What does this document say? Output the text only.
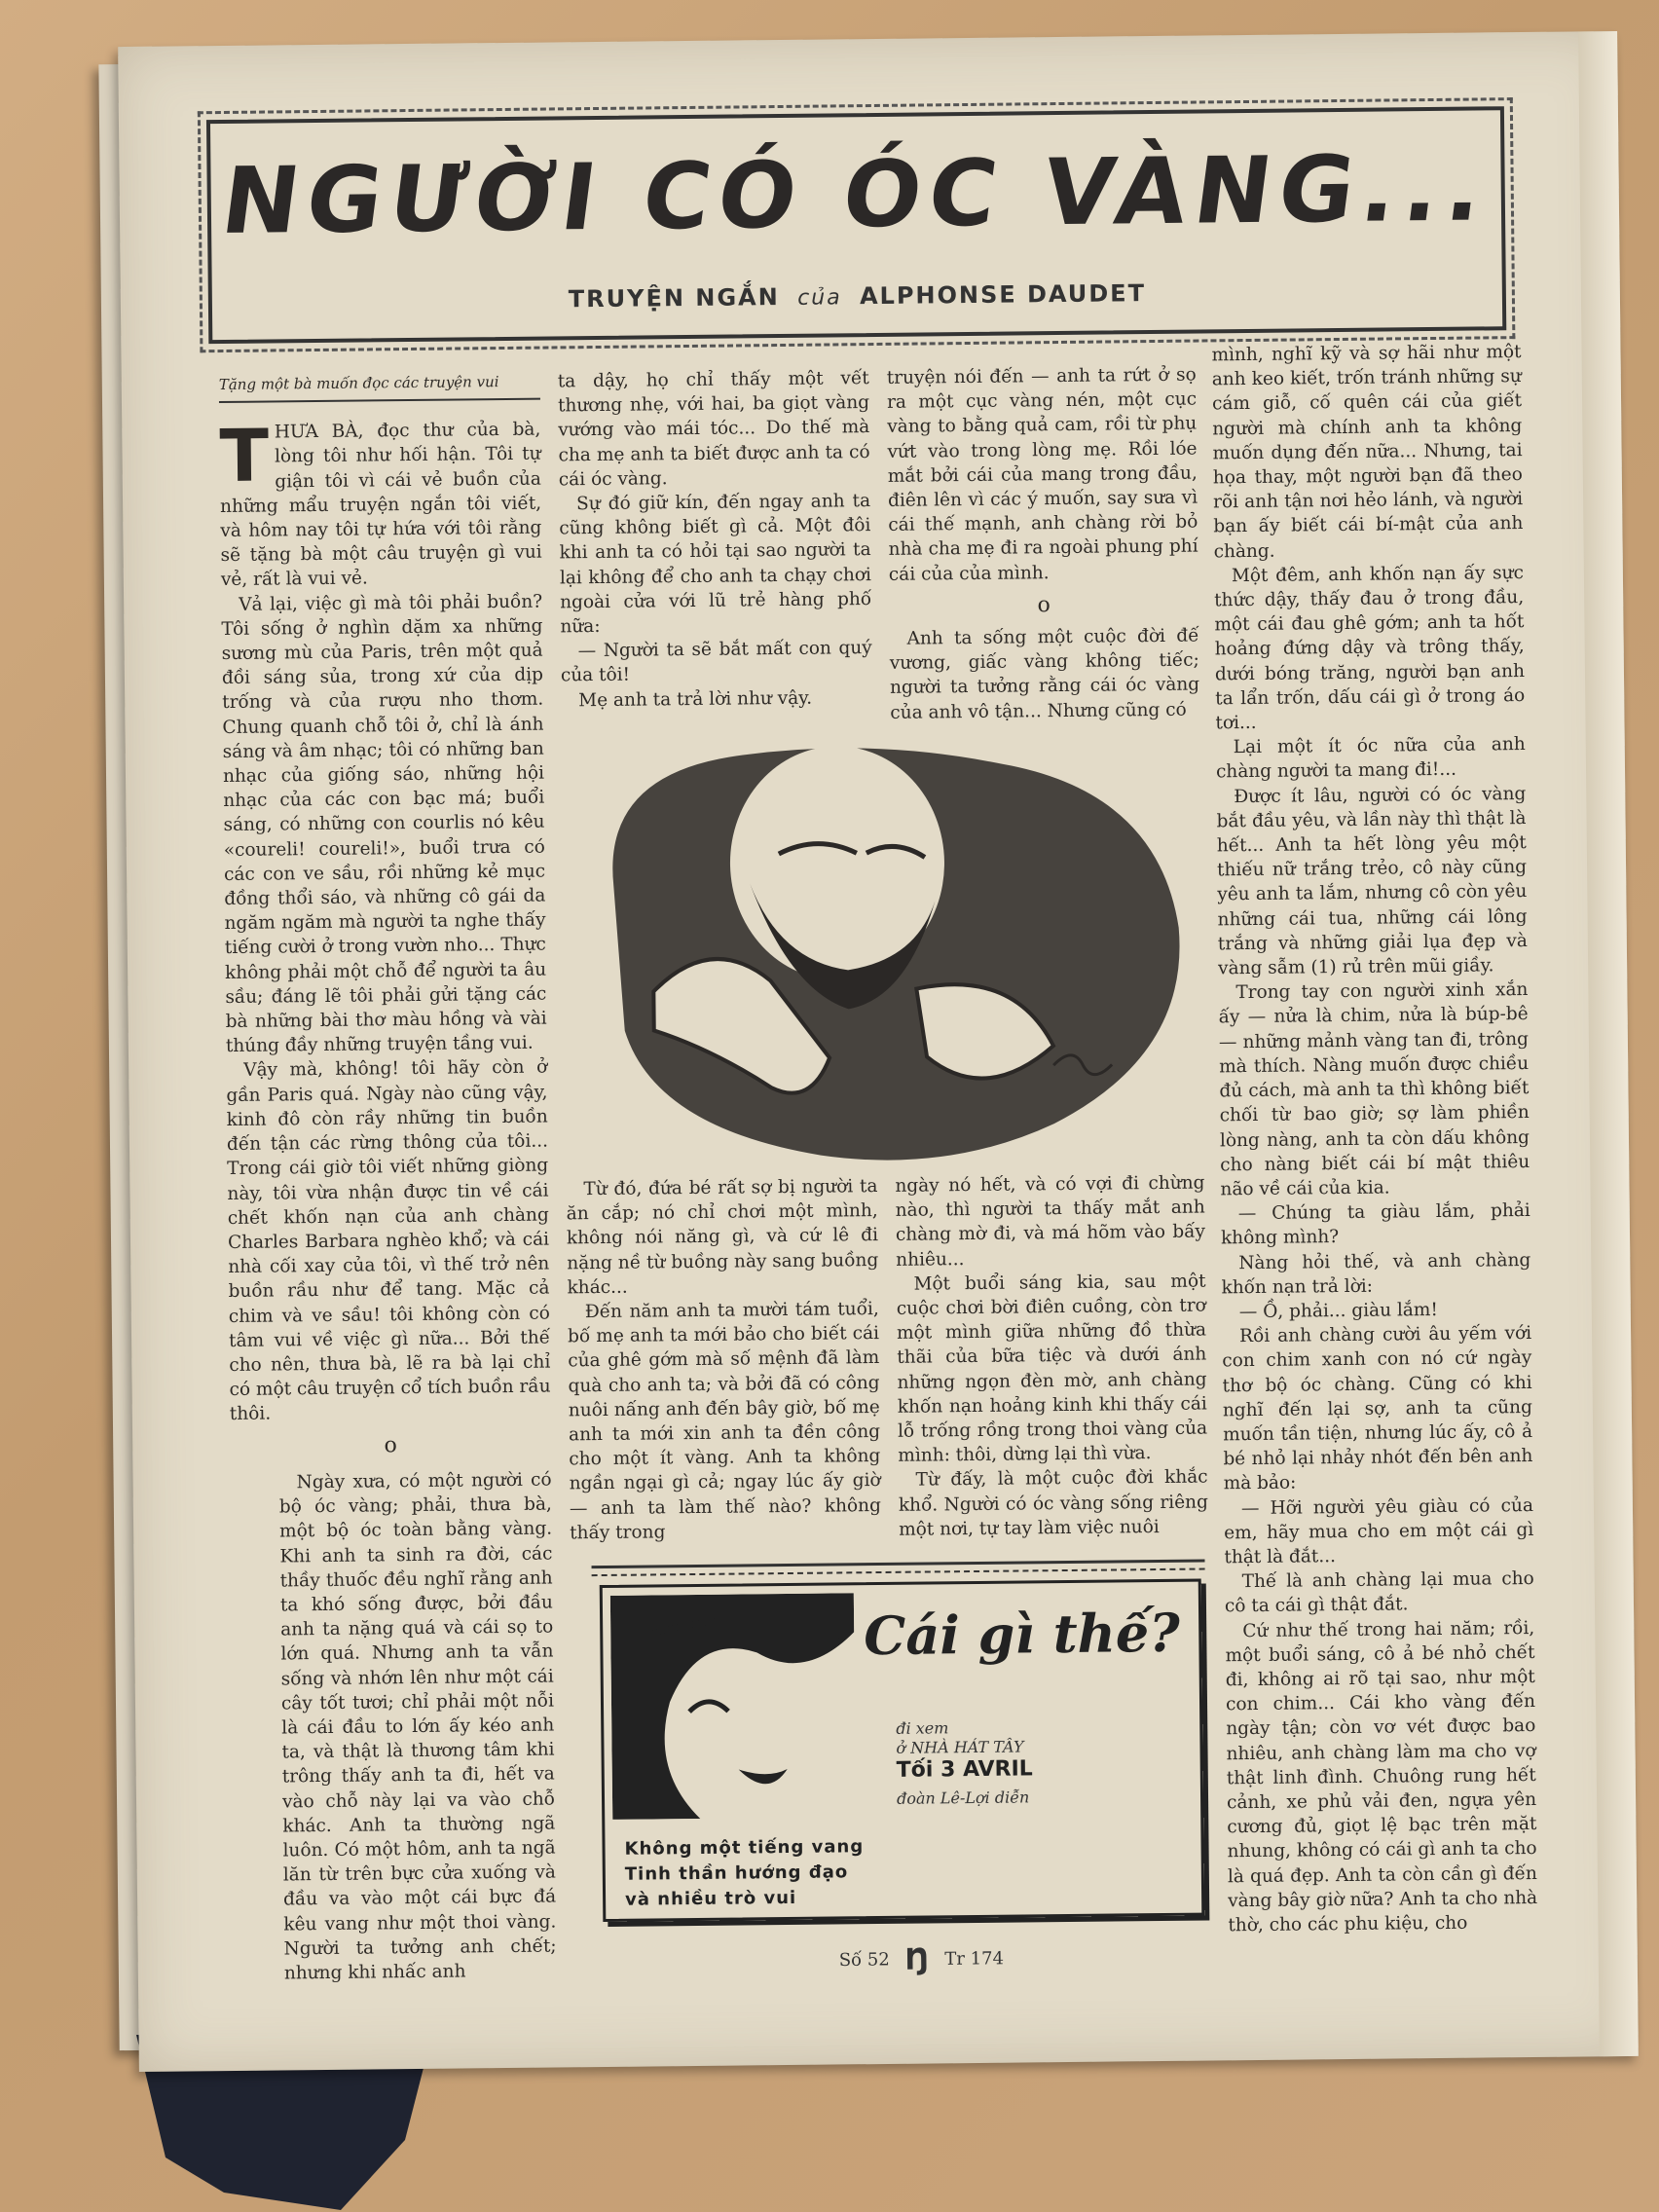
NGƯỜI CÓ ÓC VÀNG...
TRUYỆN NGẮN của ALPHONSE DAUDET
Tặng một bà muốn đọc các truyện vui
T HƯA BÀ, đọc thư của bà, lòng tôi như hối hận. Tôi tự giận tôi vì cái vẻ buồn của những mẩu truyện ngắn tôi viết, và hôm nay tôi tự hứa với tôi rằng sẽ tặng bà một câu truyện gì vui vẻ, rất là vui vẻ.

Vả lại, việc gì mà tôi phải buồn? Tôi sống ở nghìn dặm xa những sương mù của Paris, trên một quả đồi sáng sủa, trong xứ của dịp trống và của rượu nho thơm. Chung quanh chỗ tôi ở, chỉ là ánh sáng và âm nhạc; tôi có những ban nhạc của giống sáo, những hội nhạc của các con bạc má; buổi sáng, có những con courlis nó kêu «coureli! coureli!», buổi trưa có các con ve sầu, rồi những kẻ mục đồng thổi sáo, và những cô gái da ngăm ngăm mà người ta nghe thấy tiếng cười ở trong vườn nho... Thực không phải một chỗ để người ta âu sầu; đáng lẽ tôi phải gửi tặng các bà những bài thơ màu hồng và vài thúng đầy những truyện tầng vui.

Vậy mà, không! tôi hãy còn ở gần Paris quá. Ngày nào cũng vậy, kinh đô còn rầy những tin buồn đến tận các rừng thông của tôi... Trong cái giờ tôi viết những giòng này, tôi vừa nhận được tin về cái chết khốn nạn của anh chàng Charles Barbara nghèo khổ; và cái nhà cối xay của tôi, vì thế trở nên buồn rầu như để tang. Mặc cả chim và ve sầu! tôi không còn có tâm vui về việc gì nữa... Bởi thế cho nên, thưa bà, lẽ ra bà lại chỉ có một câu truyện cổ tích buồn rầu thôi.

o

Ngày xưa, có một người có bộ óc vàng; phải, thưa bà, một bộ óc toàn bằng vàng. Khi anh ta sinh ra đời, các thầy thuốc đều nghĩ rằng anh ta khó sống được, bởi đầu anh ta nặng quá và cái sọ to lớn quá. Nhưng anh ta vẫn sống và nhớn lên như một cái cây tốt tươi; chỉ phải một nỗi là cái đầu to lớn ấy kéo anh ta, và thật là thương tâm khi trông thấy anh ta đi, hết va vào chỗ này lại va vào chỗ khác. Anh ta thường ngã luôn. Có một hôm, anh ta ngã lăn từ trên bực cửa xuống và đầu va vào một cái bực đá kêu vang như một thoi vàng. Người ta tưởng anh chết; nhưng khi nhấc anh

ta dậy, họ chỉ thấy một vết thương nhẹ, với hai, ba giọt vàng vướng vào mái tóc... Do thế mà cha mẹ anh ta biết được anh ta có cái óc vàng.

Sự đó giữ kín, đến ngay anh ta cũng không biết gì cả. Một đôi khi anh ta có hỏi tại sao người ta lại không để cho anh ta chạy chơi ngoài cửa với lũ trẻ hàng phố nữa:

— Người ta sẽ bắt mất con quý của tôi!

Mẹ anh ta trả lời như vậy.

truyện nói đến — anh ta rứt ở sọ ra một cục vàng nén, một cục vàng to bằng quả cam, rồi từ phụ vứt vào trong lòng mẹ. Rồi lóe mắt bởi cái của mang trong đầu, điên lên vì các ý muốn, say sưa vì cái thế mạnh, anh chàng rời bỏ nhà cha mẹ đi ra ngoài phung phí cái của của mình.

o

Anh ta sống một cuộc đời đế vương, giấc vàng không tiếc; người ta tưởng rằng cái óc vàng của anh vô tận... Nhưng cũng có

mình, nghĩ kỹ và sợ hãi như một anh keo kiết, trốn tránh những sự cám giỗ, cố quên cái của giết người mà chính anh ta không muốn dụng đến nữa... Nhưng, tai họa thay, một người bạn đã theo rõi anh tận nơi hẻo lánh, và người bạn ấy biết cái bí-mật của anh chàng.

Một đêm, anh khốn nạn ấy sực thức dậy, thấy đau ở trong đầu, một cái đau ghê gớm; anh ta hốt hoảng đứng dậy và trông thấy, dưới bóng trăng, người bạn anh ta lẩn trốn, dấu cái gì ở trong áo tơi...

Lại một ít óc nữa của anh chàng người ta mang đi!...

Được ít lâu, người có óc vàng bắt đầu yêu, và lần này thì thật là hết... Anh ta hết lòng yêu một thiếu nữ trắng trẻo, cô này cũng yêu anh ta lắm, nhưng cô còn yêu những cái tua, những cái lông trắng và những giải lụa đẹp và vàng sẫm (1) rủ trên mũi giầy.

Trong tay con người xinh xắn ấy — nửa là chim, nửa là búp-bê — những mảnh vàng tan đi, trông mà thích. Nàng muốn được chiều đủ cách, mà anh ta thì không biết chối từ bao giờ; sợ làm phiền lòng nàng, anh ta còn dấu không cho nàng biết cái bí mật thiêu não về cái của kia.

— Chúng ta giàu lắm, phải không mình?

Nàng hỏi thế, và anh chàng khốn nạn trả lời:

— Ồ, phải... giàu lắm!

Rồi anh chàng cười âu yếm với con chim xanh con nó cứ ngày thơ bộ óc chàng. Cũng có khi nghĩ đến lại sợ, anh ta cũng muốn tần tiện, nhưng lúc ấy, cô ả bé nhỏ lại nhảy nhót đến bên anh mà bảo:

— Hỡi người yêu giàu có của em, hãy mua cho em một cái gì thật là đắt...

Thế là anh chàng lại mua cho cô ta cái gì thật đắt.

Cứ như thế trong hai năm; rồi, một buổi sáng, cô ả bé nhỏ chết đi, không ai rõ tại sao, như một con chim... Cái kho vàng đến ngày tận; còn vơ vét được bao nhiêu, anh chàng làm ma cho vợ thật linh đình. Chuông rung hết cảnh, xe phủ vải đen, ngựa yên cương đủ, giọt lệ bạc trên mặt nhung, không có cái gì anh ta cho là quá đẹp. Anh ta còn cần gì đến vàng bây giờ nữa? Anh ta cho nhà thờ, cho các phu kiệu, cho

Từ đó, đứa bé rất sợ bị người ta ăn cắp; nó chỉ chơi một mình, không nói năng gì, và cứ lê đi nặng nề từ buồng này sang buồng khác...

Đến năm anh ta mười tám tuổi, bố mẹ anh ta mới bảo cho biết cái của ghê gớm mà số mệnh đã làm quà cho anh ta; và bởi đã có công nuôi nấng anh đến bây giờ, bố mẹ anh ta mới xin anh ta đền công cho một ít vàng. Anh ta không ngần ngại gì cả; ngay lúc ấy giờ — anh ta làm thế nào? không thấy trong

ngày nó hết, và có vợi đi chừng nào, thì người ta thấy mắt anh chàng mờ đi, và má hõm vào bấy nhiêu...

Một buổi sáng kia, sau một cuộc chơi bời điên cuồng, còn trơ một mình giữa những đồ thừa thãi của bữa tiệc và dưới ánh những ngọn đèn mờ, anh chàng khốn nạn hoảng kinh khi thấy cái lỗ trống rồng trong thoi vàng của mình: thôi, dừng lại thì vừa.

Từ đấy, là một cuộc đời khắc khổ. Người có óc vàng sống riêng một nơi, tự tay làm việc nuôi

Cái gì thế?
đi xem
ở NHÀ HÁT TÂY
Tối 3 AVRIL
đoàn Lê-Lợi diễn
Không một tiếng vang
Tinh thần hướng đạo
và nhiều trò vui
Số 52 Ŋ Tr 174
